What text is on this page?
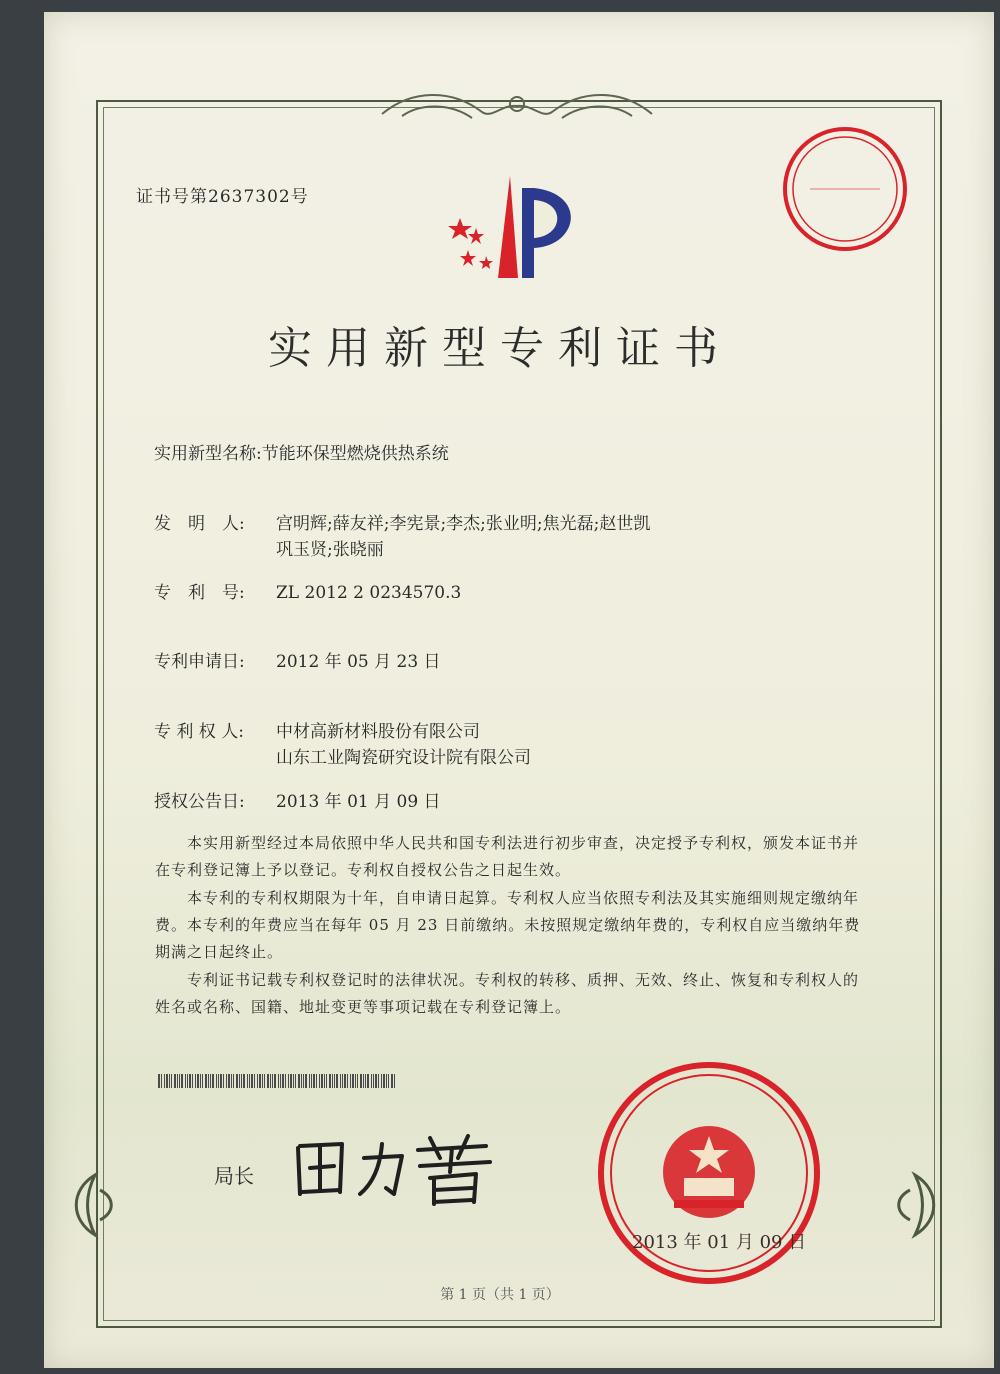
证书号第2637302号
实用新型专利证书
实用新型名称:节能环保型燃烧供热系统
发　明　人: 宫明辉;薛友祥;李宪景;李杰;张业明;焦光磊;赵世凯
巩玉贤;张晓丽
专　利　号: ZL 2012 2 0234570.3
专利申请日: 2012 年 05 月 23 日
专 利 权 人: 中材高新材料股份有限公司
山东工业陶瓷研究设计院有限公司
授权公告日: 2013 年 01 月 09 日
本实用新型经过本局依照中华人民共和国专利法进行初步审查，决定授予专利权，颁发本证书并在专利登记簿上予以登记。专利权自授权公告之日起生效。
本专利的专利权期限为十年，自申请日起算。专利权人应当依照专利法及其实施细则规定缴纳年费。本专利的年费应当在每年 05 月 23 日前缴纳。未按照规定缴纳年费的，专利权自应当缴纳年费期满之日起终止。
专利证书记载专利权登记时的法律状况。专利权的转移、质押、无效、终止、恢复和专利权人的姓名或名称、国籍、地址变更等事项记载在专利登记簿上。
局长
2013 年 01 月 09 日
第 1 页（共 1 页）
